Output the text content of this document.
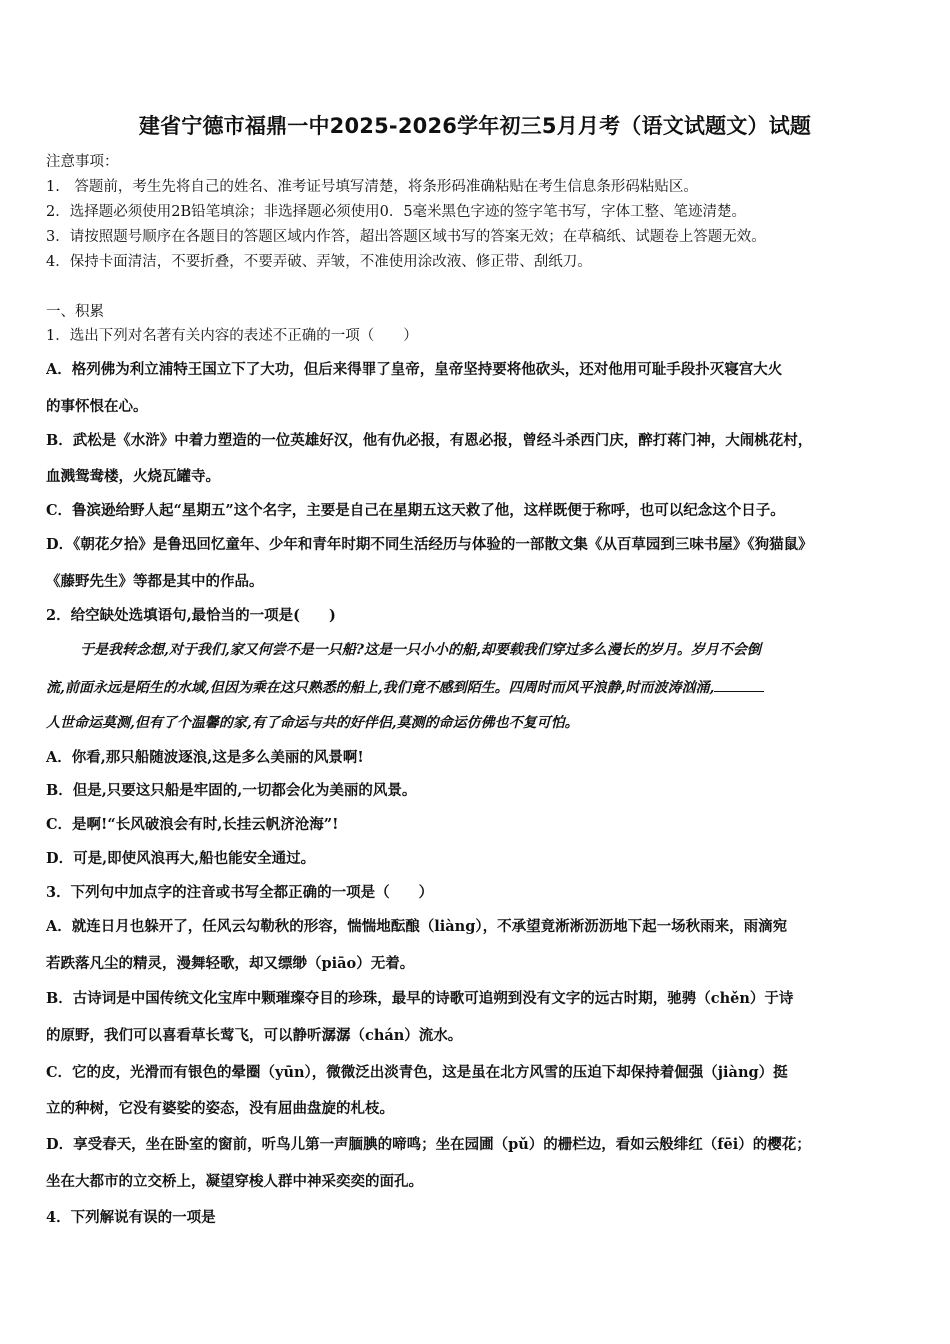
建省宁德市福鼎一中2025-2026学年初三5月月考（语文试题文）试题
注意事项：
1.　答题前，考生先将自己的姓名、准考证号填写清楚，将条形码准确粘贴在考生信息条形码粘贴区。
2．选择题必须使用2B铅笔填涂；非选择题必须使用0．5毫米黑色字迹的签字笔书写，字体工整、笔迹清楚。
3．请按照题号顺序在各题目的答题区域内作答，超出答题区域书写的答案无效；在草稿纸、试题卷上答题无效。
4．保持卡面清洁，不要折叠，不要弄破、弄皱，不准使用涂改液、修正带、刮纸刀。
一、积累
1．选出下列对名著有关内容的表述不正确的一项（　　）
A．格列佛为利立浦特王国立下了大功，但后来得罪了皇帝，皇帝坚持要将他砍头，还对他用可耻手段扑灭寝宫大火
的事怀恨在心。
B．武松是《水浒》中着力塑造的一位英雄好汉，他有仇必报，有恩必报，曾经斗杀西门庆，醉打蒋门神，大闹桃花村，
血溅鸳鸯楼，火烧瓦罐寺。
C．鲁滨逊给野人起“星期五”这个名字，主要是自己在星期五这天救了他，这样既便于称呼，也可以纪念这个日子。
D．《朝花夕拾》是鲁迅回忆童年、少年和青年时期不同生活经历与体验的一部散文集《从百草园到三味书屋》《狗猫鼠》
《藤野先生》等都是其中的作品。
2．给空缺处选填语句,最恰当的一项是(　　)
于是我转念想,对于我们,家又何尝不是一只船?这是一只小小的船,却要载我们穿过多么漫长的岁月。岁月不会倒
流,前面永远是陌生的水域,但因为乘在这只熟悉的船上,我们竟不感到陌生。四周时而风平浪静,时而波涛汹涌,
人世命运莫测,但有了个温馨的家,有了命运与共的好伴侣,莫测的命运仿佛也不复可怕。
A．你看,那只船随波逐浪,这是多么美丽的风景啊!
B．但是,只要这只船是牢固的,一切都会化为美丽的风景。
C．是啊!“长风破浪会有时,长挂云帆济沧海”!
D．可是,即使风浪再大,船也能安全通过。
3．下列句中加点字的注音或书写全都正确的一项是（　　）
A．就连日月也躲开了，任风云勾勒秋的形容，惴惴地酝酿（liàng），不承望竟淅淅沥沥地下起一场秋雨来，雨滴宛
若跌落凡尘的精灵，漫舞轻歌，却又缥缈（piāo）无着。
B．古诗词是中国传统文化宝库中颗璀璨夺目的珍珠，最早的诗歌可追朔到没有文字的远古时期，驰骋（chěn）于诗
的原野，我们可以喜看草长莺飞，可以静听潺潺（chán）流水。
C．它的皮，光滑而有银色的晕圈（yūn），微微泛出淡青色，这是虽在北方风雪的压迫下却保持着倔强（jiàng）挺
立的种树，它没有婆娑的姿态，没有屈曲盘旋的札枝。
D．享受春天，坐在卧室的窗前，听鸟儿第一声腼腆的啼鸣；坐在园圃（pǔ）的栅栏边，看如云般绯红（fēi）的樱花；
坐在大都市的立交桥上，凝望穿梭人群中神采奕奕的面孔。
4．下列解说有误的一项是
